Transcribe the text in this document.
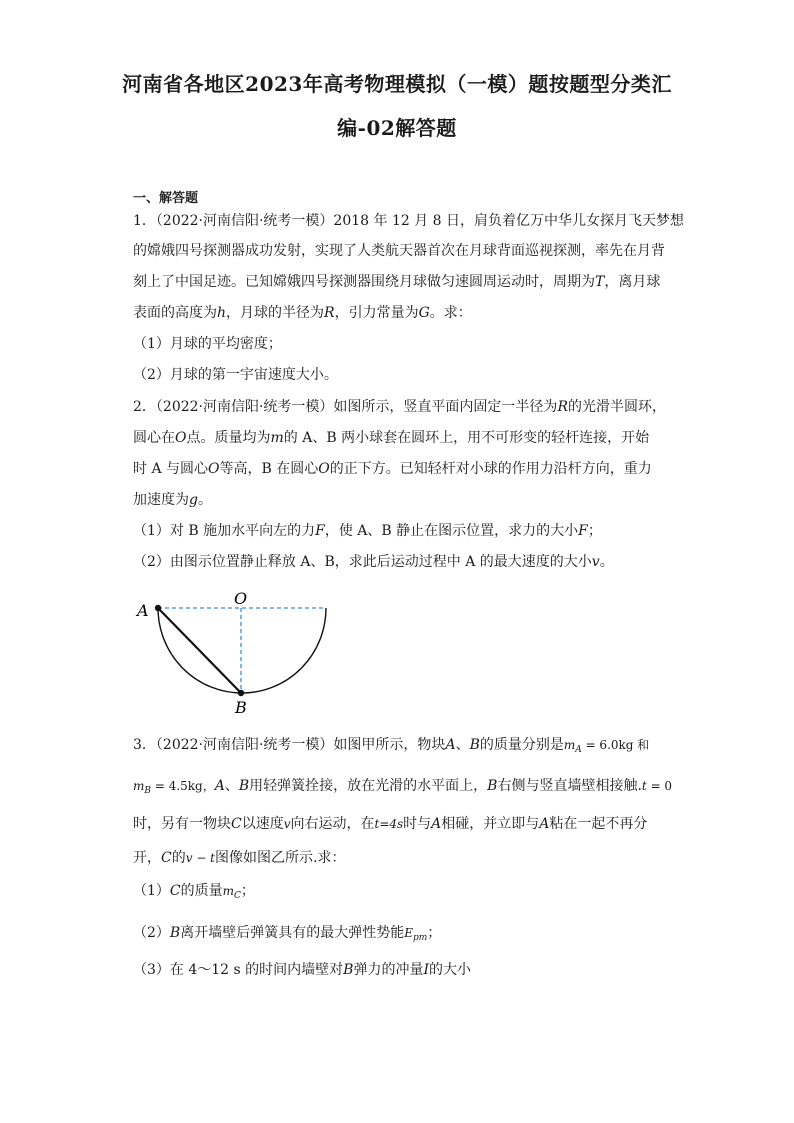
河南省各地区2023年高考物理模拟（一模）题按题型分类汇
编-02解答题
一、解答题
1．（2022·河南信阳·统考一模）2018 年 12 月 8 日，肩负着亿万中华儿女探月飞天梦想
的嫦娥四号探测器成功发射，实现了人类航天器首次在月球背面巡视探测，率先在月背
刻上了中国足迹。已知嫦娥四号探测器围绕月球做匀速圆周运动时，周期为T，离月球
表面的高度为h，月球的半径为R，引力常量为G。求：
（1）月球的平均密度；
（2）月球的第一宇宙速度大小。
2．（2022·河南信阳·统考一模）如图所示，竖直平面内固定一半径为R的光滑半圆环，
圆心在O点。质量均为m的 A、B 两小球套在圆环上，用不可形变的轻杆连接，开始
时 A 与圆心O等高，B 在圆心O的正下方。已知轻杆对小球的作用力沿杆方向，重力
加速度为g。
（1）对 B 施加水平向左的力F，使 A、B 静止在图示位置，求力的大小F；
（2）由图示位置静止释放 A、B，求此后运动过程中 A 的最大速度的大小v。
A
O
B
3．（2022·河南信阳·统考一模）如图甲所示，物块A、B的质量分别是$m_A = 6.0kg$ 和
$m_B = 4.5kg$，A、B用轻弹簧拴接，放在光滑的水平面上，B右侧与竖直墙壁相接触.t = 0
时，另有一物块C以速度v向右运动，在t=4s时与A相碰，并立即与A粘在一起不再分
开，C的v − t图像如图乙所示.求：
（1）C的质量$m_C$；
（2）B离开墙壁后弹簧具有的最大弹性势能$E_{pm}$；
（3）在 4～12 s 的时间内墙壁对B弹力的冲量I的大小
